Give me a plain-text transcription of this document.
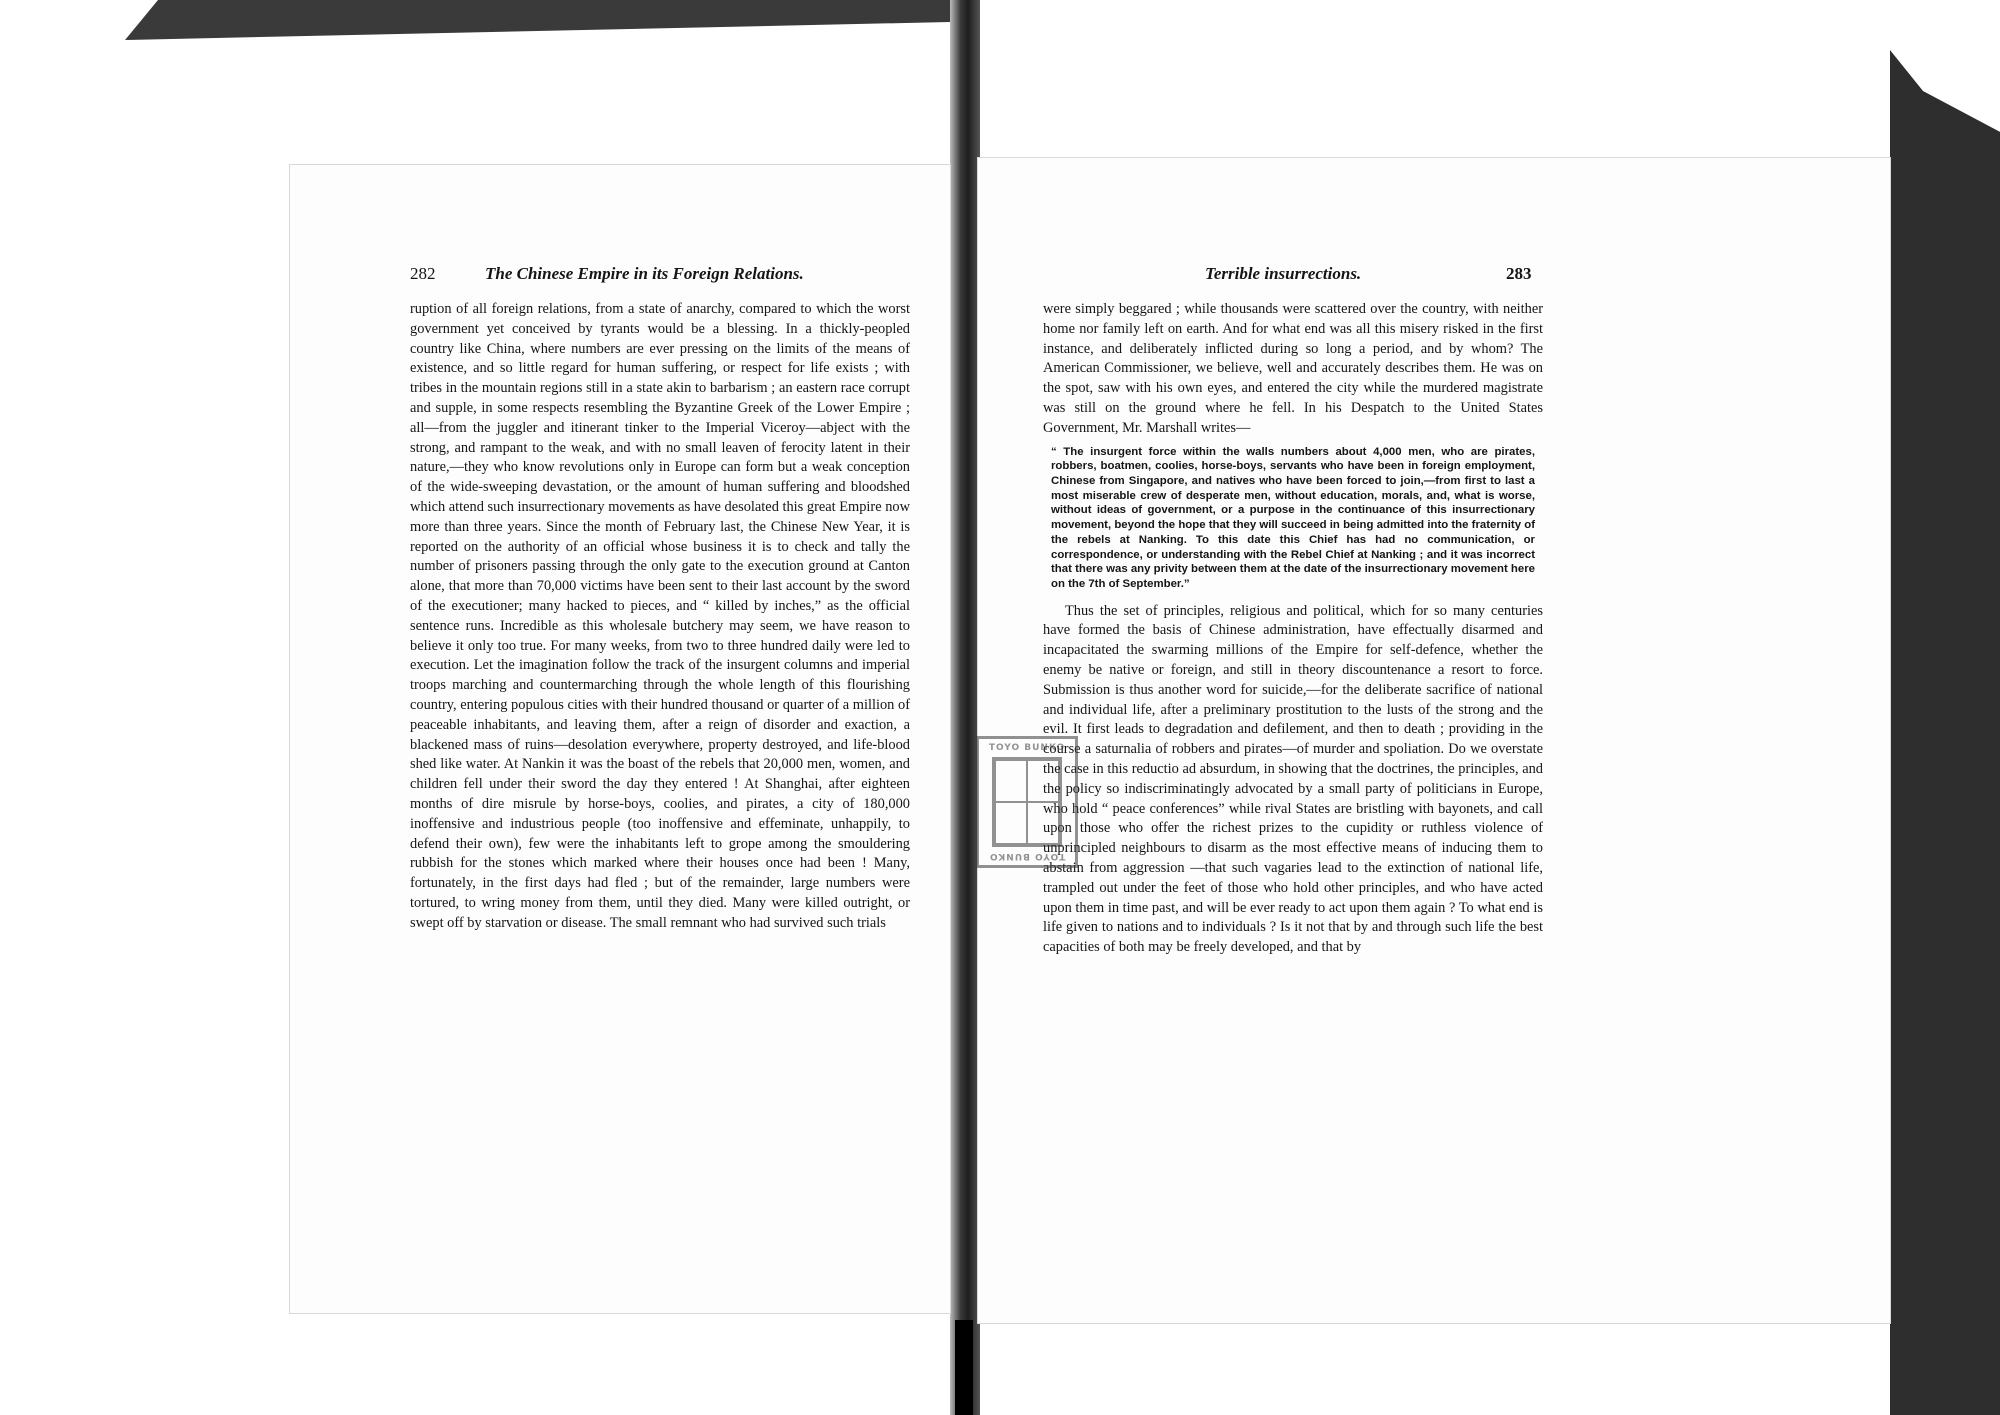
282	The Chinese Empire in its Foreign Relations.

ruption of all foreign relations, from a state of anarchy, compared to which the worst government yet conceived by tyrants would be a blessing. In a thickly-peopled country like China, where numbers are ever pressing on the limits of the means of existence, and so little regard for human suffering, or respect for life exists ; with tribes in the mountain regions still in a state akin to barbarism ; an eastern race corrupt and supple, in some respects resembling the Byzantine Greek of the Lower Empire ; all—from the juggler and itinerant tinker to the Imperial Viceroy—abject with the strong, and rampant to the weak, and with no small leaven of ferocity latent in their nature,—they who know revolutions only in Europe can form but a weak conception of the wide-sweeping devastation, or the amount of human suffering and bloodshed which attend such insurrectionary movements as have desolated this great Empire now more than three years. Since the month of February last, the Chinese New Year, it is reported on the authority of an official whose business it is to check and tally the number of prisoners passing through the only gate to the execution ground at Canton alone, that more than 70,000 victims have been sent to their last account by the sword of the executioner; many hacked to pieces, and “ killed by inches,” as the official sentence runs. Incredible as this wholesale butchery may seem, we have reason to believe it only too true. For many weeks, from two to three hundred daily were led to execution. Let the imagination follow the track of the insurgent columns and imperial troops marching and countermarching through the whole length of this flourishing country, entering populous cities with their hundred thousand or quarter of a million of peaceable inhabitants, and leaving them, after a reign of disorder and exaction, a blackened mass of ruins—desolation everywhere, property destroyed, and life-blood shed like water. At Nankin it was the boast of the rebels that 20,000 men, women, and children fell under their sword the day they entered ! At Shanghai, after eighteen months of dire misrule by horse-boys, coolies, and pirates, a city of 180,000 inoffensive and industrious people (too inoffensive and effeminate, unhappily, to defend their own), few were the inhabitants left to grope among the smouldering rubbish for the stones which marked where their houses once had been ! Many, fortunately, in the first days had fled ; but of the remainder, large numbers were tortured, to wring money from them, until they died. Many were killed outright, or swept off by starvation or disease. The small remnant who had survived such trials

Terrible insurrections.	283

were simply beggared ; while thousands were scattered over the country, with neither home nor family left on earth. And for what end was all this misery risked in the first instance, and deliberately inflicted during so long a period, and by whom? The American Commissioner, we believe, well and accurately describes them. He was on the spot, saw with his own eyes, and entered the city while the murdered magistrate was still on the ground where he fell. In his Despatch to the United States Government, Mr. Marshall writes—

“ The insurgent force within the walls numbers about 4,000 men, who are pirates, robbers, boatmen, coolies, horse-boys, servants who have been in foreign employment, Chinese from Singapore, and natives who have been forced to join,—from first to last a most miserable crew of desperate men, without education, morals, and, what is worse, without ideas of government, or a purpose in the continuance of this insurrectionary movement, beyond the hope that they will succeed in being admitted into the fraternity of the rebels at Nanking. To this date this Chief has had no communication, or correspondence, or understanding with the Rebel Chief at Nanking ; and it was incorrect that there was any privity between them at the date of the insurrectionary movement here on the 7th of September.”

Thus the set of principles, religious and political, which for so many centuries have formed the basis of Chinese administration, have effectually disarmed and incapacitated the swarming millions of the Empire for self-defence, whether the enemy be native or foreign, and still in theory discountenance a resort to force. Submission is thus another word for suicide,—for the deliberate sacrifice of national and individual life, after a preliminary prostitution to the lusts of the strong and the evil. It first leads to degradation and defilement, and then to death ; providing in the course a saturnalia of robbers and pirates—of murder and spoliation. Do we overstate the case in this reductio ad absurdum, in showing that the doctrines, the principles, and the policy so indiscriminatingly advocated by a small party of politicians in Europe, who hold “ peace conferences” while rival States are bristling with bayonets, and call upon those who offer the richest prizes to the cupidity or ruthless violence of unprincipled neighbours to disarm as the most effective means of inducing them to abstain from aggression —that such vagaries lead to the extinction of national life, trampled out under the feet of those who hold other principles, and who have acted upon them in time past, and will be ever ready to act upon them again ? To what end is life given to nations and to individuals ? Is it not that by and through such life the best capacities of both may be freely developed, and that by

TOYO BUNKO
TOYO BUNKO
